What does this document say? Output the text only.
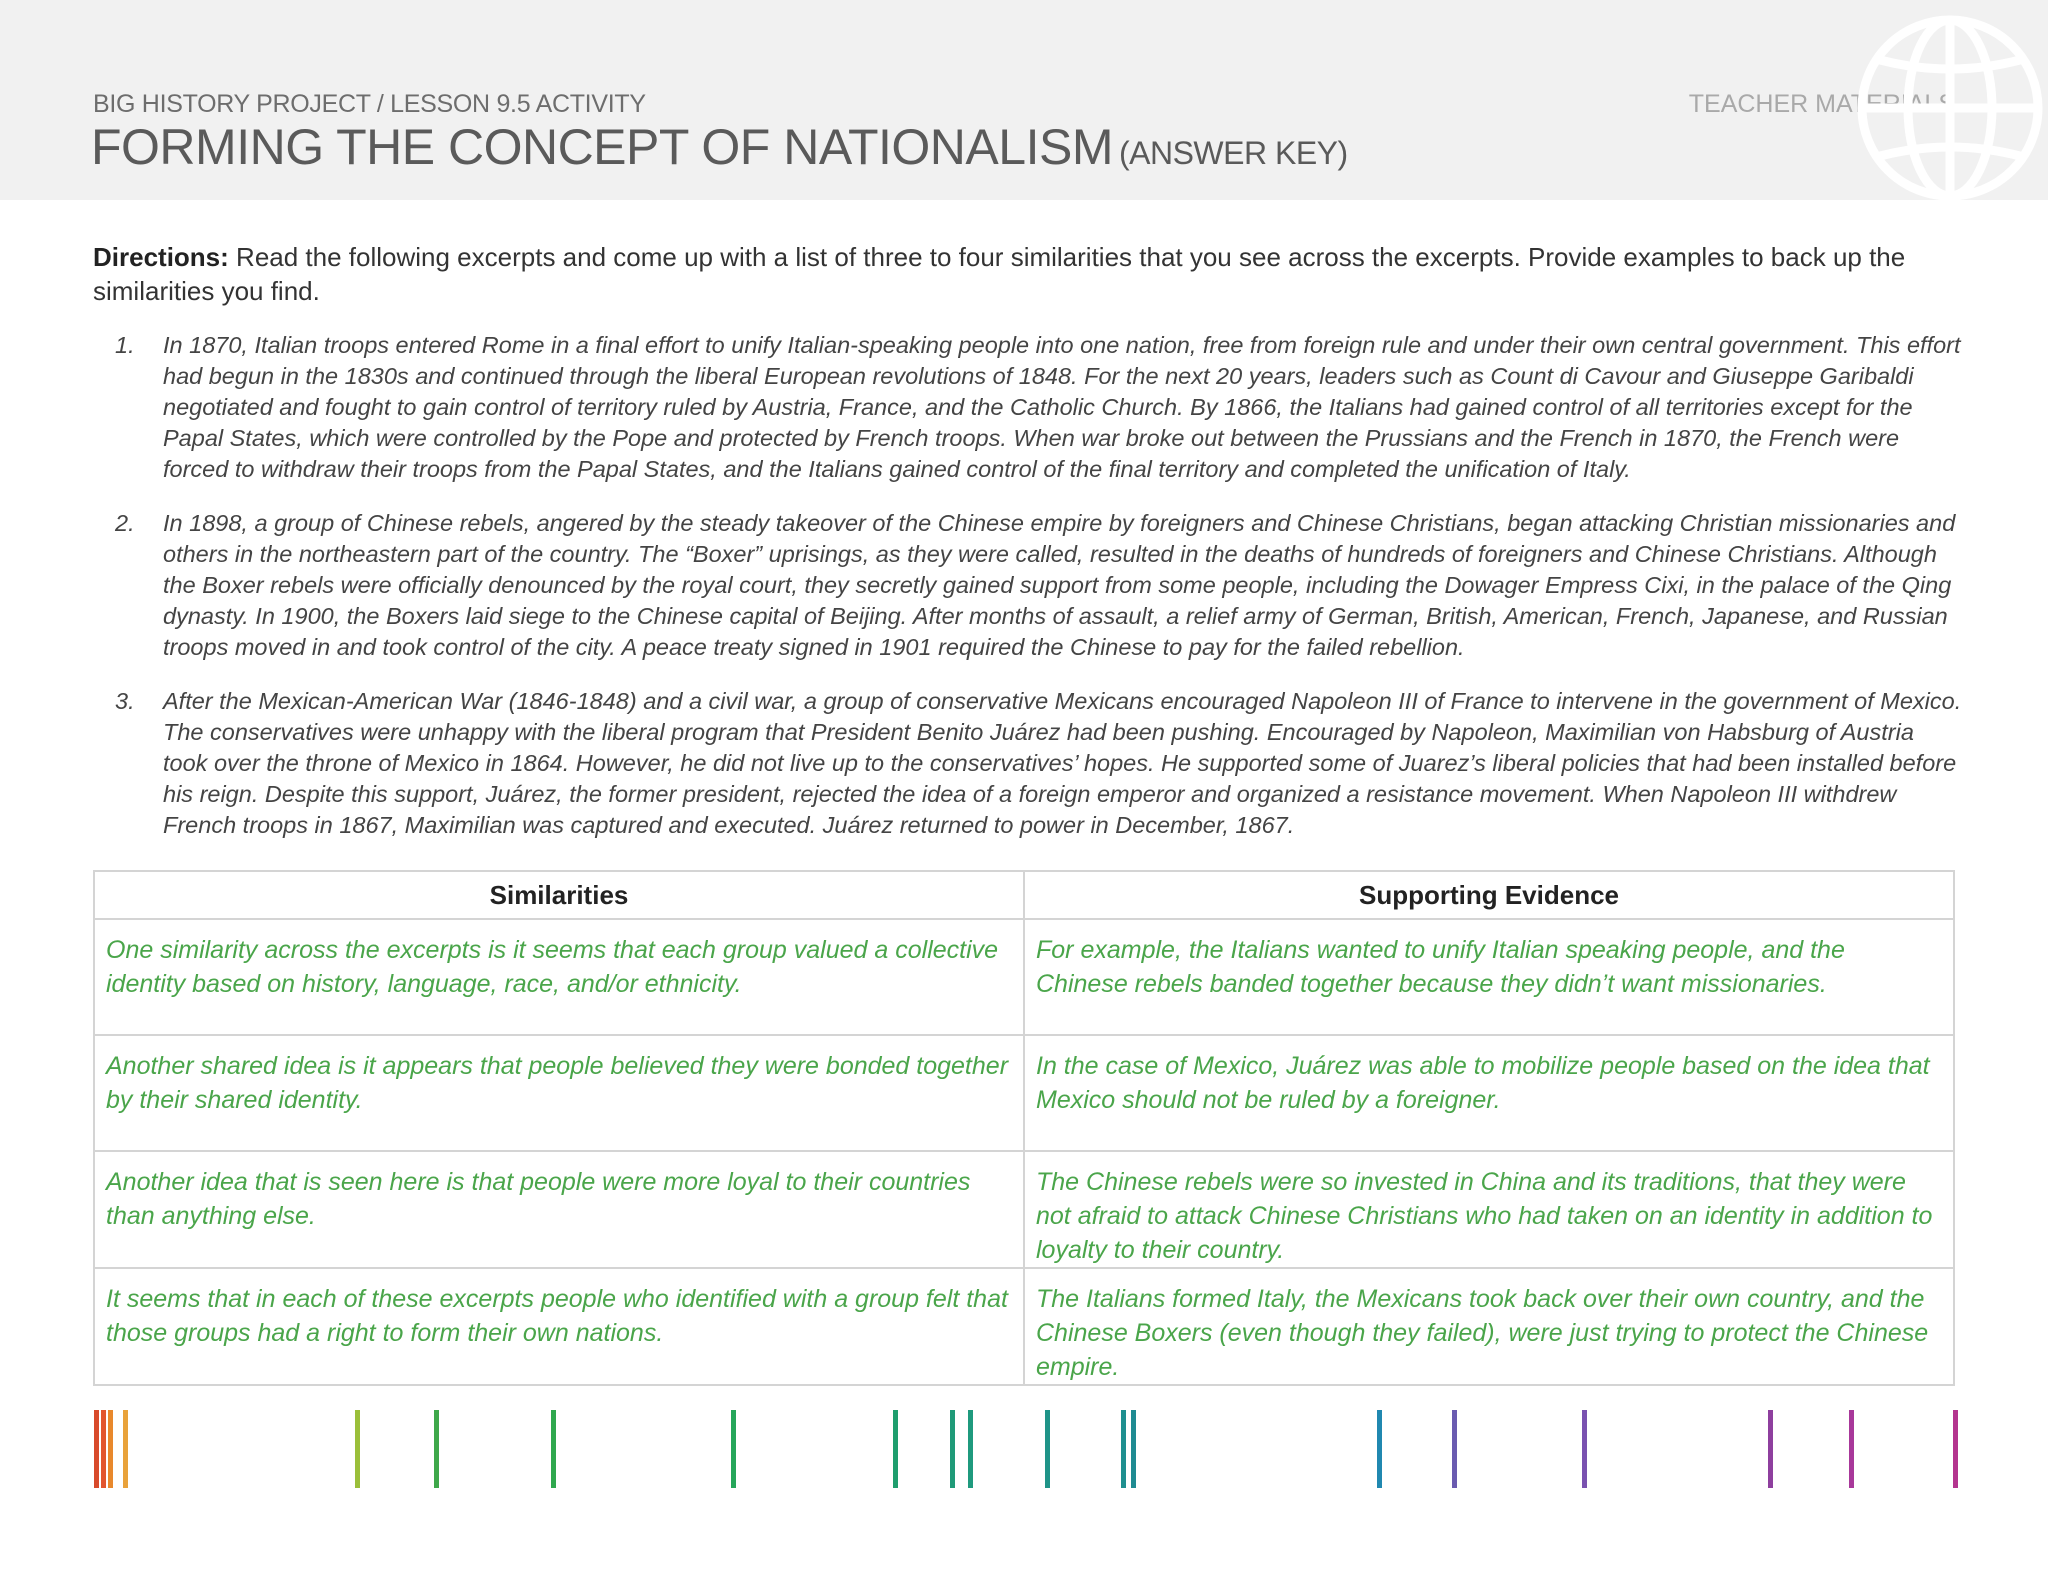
BIG HISTORY PROJECT / LESSON 9.5 ACTIVITY
FORMING THE CONCEPT OF NATIONALISM (ANSWER KEY)
TEACHER MATERIALS
Directions: Read the following excerpts and come up with a list of three to four similarities that you see across the excerpts. Provide examples to back up the similarities you find.
1. In 1870, Italian troops entered Rome in a final effort to unify Italian-speaking people into one nation, free from foreign rule and under their own central government. This effort had begun in the 1830s and continued through the liberal European revolutions of 1848. For the next 20 years, leaders such as Count di Cavour and Giuseppe Garibaldi negotiated and fought to gain control of territory ruled by Austria, France, and the Catholic Church. By 1866, the Italians had gained control of all territories except for the Papal States, which were controlled by the Pope and protected by French troops. When war broke out between the Prussians and the French in 1870, the French were forced to withdraw their troops from the Papal States, and the Italians gained control of the final territory and completed the unification of Italy.
2. In 1898, a group of Chinese rebels, angered by the steady takeover of the Chinese empire by foreigners and Chinese Christians, began attacking Christian missionaries and others in the northeastern part of the country. The “Boxer” uprisings, as they were called, resulted in the deaths of hundreds of foreigners and Chinese Christians. Although the Boxer rebels were officially denounced by the royal court, they secretly gained support from some people, including the Dowager Empress Cixi, in the palace of the Qing dynasty. In 1900, the Boxers laid siege to the Chinese capital of Beijing. After months of assault, a relief army of German, British, American, French, Japanese, and Russian troops moved in and took control of the city. A peace treaty signed in 1901 required the Chinese to pay for the failed rebellion.
3. After the Mexican-American War (1846-1848) and a civil war, a group of conservative Mexicans encouraged Napoleon III of France to intervene in the government of Mexico. The conservatives were unhappy with the liberal program that President Benito Juárez had been pushing. Encouraged by Napoleon, Maximilian von Habsburg of Austria took over the throne of Mexico in 1864. However, he did not live up to the conservatives’ hopes. He supported some of Juarez’s liberal policies that had been installed before his reign. Despite this support, Juárez, the former president, rejected the idea of a foreign emperor and organized a resistance movement. When Napoleon III withdrew French troops in 1867, Maximilian was captured and executed. Juárez returned to power in December, 1867.
Similarities	Supporting Evidence
One similarity across the excerpts is it seems that each group valued a collective identity based on history, language, race, and/or ethnicity.	For example, the Italians wanted to unify Italian speaking people, and the Chinese rebels banded together because they didn’t want missionaries.
Another shared idea is it appears that people believed they were bonded together by their shared identity.	In the case of Mexico, Juárez was able to mobilize people based on the idea that Mexico should not be ruled by a foreigner.
Another idea that is seen here is that people were more loyal to their countries than anything else.	The Chinese rebels were so invested in China and its traditions, that they were not afraid to attack Chinese Christians who had taken on an identity in addition to loyalty to their country.
It seems that in each of these excerpts people who identified with a group felt that those groups had a right to form their own nations.	The Italians formed Italy, the Mexicans took back over their own country, and the Chinese Boxers (even though they failed), were just trying to protect the Chinese empire.
